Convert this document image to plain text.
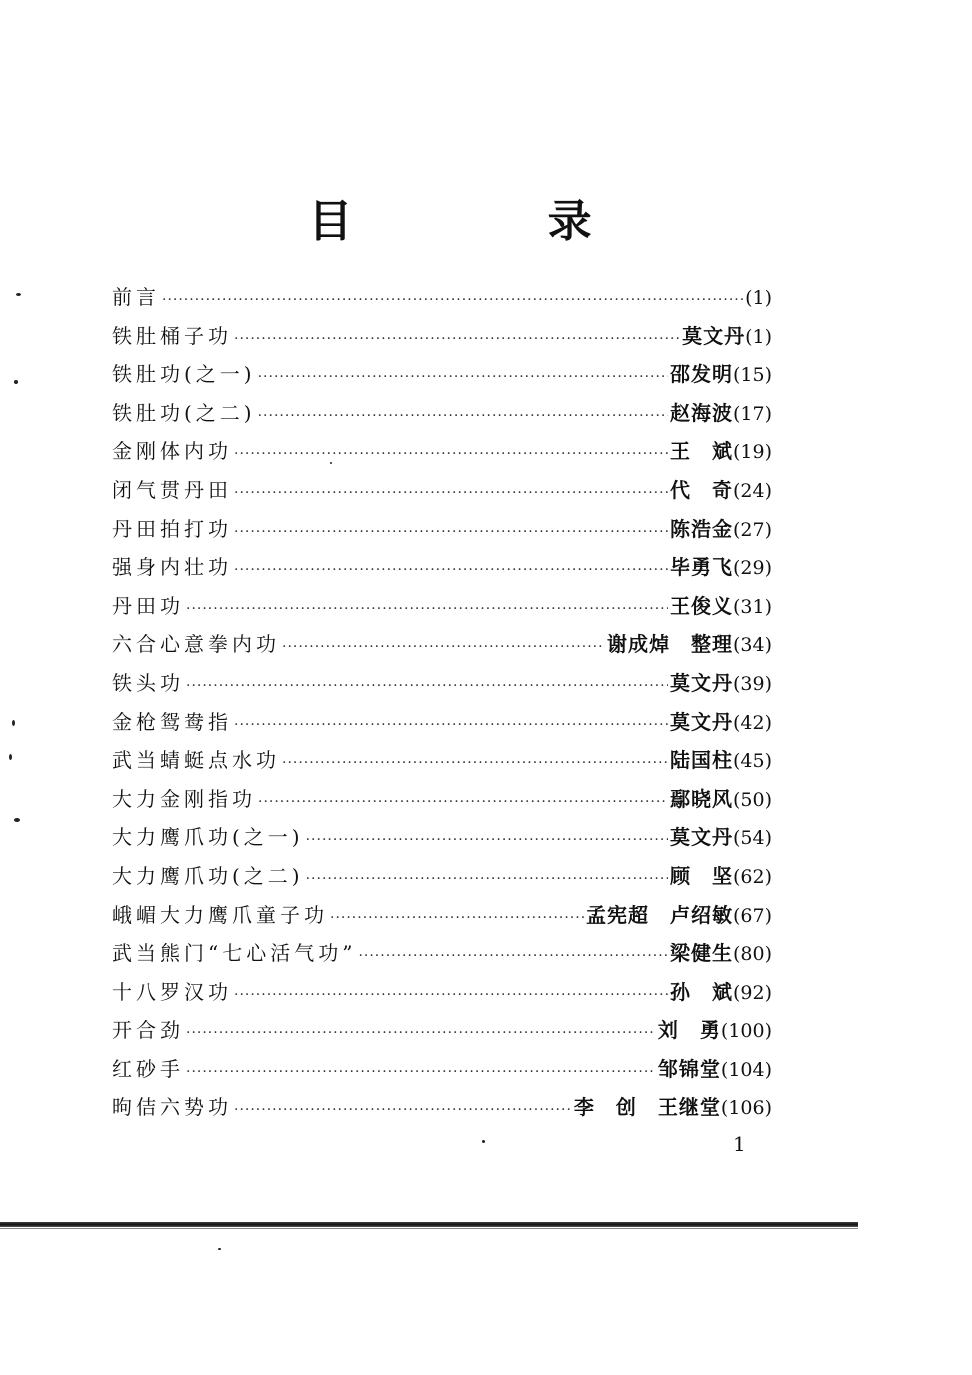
目 录
前言 ·····	(1)
铁肚桶子功 ·····	莫文丹 (1)
铁肚功(之一) ·····	邵发明 (15)
铁肚功(之二) ·····	赵海波 (17)
金刚体内功 ·····	王　斌 (19)
闭气贯丹田 ·····	代　奇 (24)
丹田拍打功 ·····	陈浩金 (27)
强身内壮功 ·····	毕勇飞 (29)
丹田功 ·····	王俊义 (31)
六合心意拳内功 ·····	谢成焯　整理 (34)
铁头功 ·····	莫文丹 (39)
金枪鸳鸯指 ·····	莫文丹 (42)
武当蜻蜓点水功 ·····	陆国柱 (45)
大力金刚指功 ·····	鄢晓风 (50)
大力鹰爪功(之一) ·····	莫文丹 (54)
大力鹰爪功(之二) ·····	顾　坚 (62)
峨嵋大力鹰爪童子功 ·····	孟宪超　卢绍敏 (67)
武当熊门“七心活气功” ·····	梁健生 (80)
十八罗汉功 ·····	孙　斌 (92)
开合劲 ·····	刘　勇 (100)
红砂手 ·····	邹锦堂 (104)
昫佶六势功 ·····	李　创　王继堂 (106)
1
